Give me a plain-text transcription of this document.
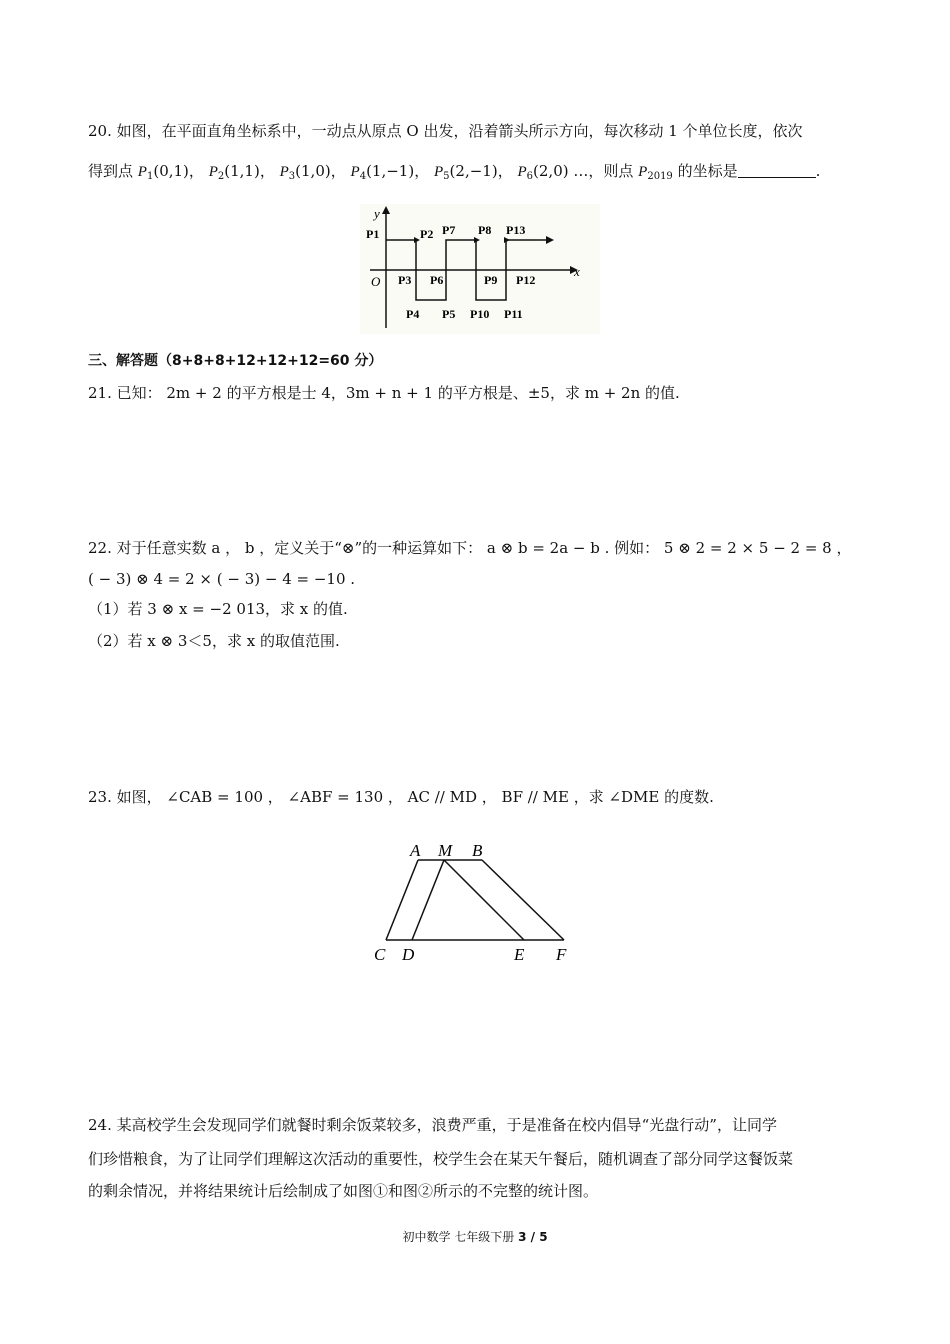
20. 如图，在平面直角坐标系中，一动点从原点 O 出发，沿着箭头所示方向，每次移动 1 个单位长度，依次
得到点 $P_1(0,1)$， $P_2(1,1)$， $P_3(1,0)$， $P_4(1,-1)$， $P_5(2,-1)$， $P_6(2,0)$ …，则点 $P_{2019}$ 的坐标是	.
y
x
O
P1	P2
P3
P4 P5
P6
P7 P8
P9
P10 P11
P12
P13
三、解答题（8+8+8+12+12+12=60 分）
21. 已知： 2m + 2 的平方根是士 4，3m + n + 1 的平方根是、±5，求 m + 2n 的值.
22. 对于任意实数 a ， b ，定义关于“⊗”的一种运算如下： a ⊗ b = 2a − b . 例如： 5 ⊗ 2 = 2 × 5 − 2 = 8 ，
( − 3) ⊗ 4 = 2 × ( − 3) − 4 = −10 .
（1）若 3 ⊗ x = −2 013，求 x 的值.
（2）若 x ⊗ 3＜5，求 x 的取值范围.
23. 如图， ∠CAB = 100 ， ∠ABF = 130 ， AC // MD ， BF // ME ，求 ∠DME 的度数.
A M B
C D	E F
24. 某高校学生会发现同学们就餐时剩余饭菜较多，浪费严重，于是准备在校内倡导“光盘行动”，让同学
们珍惜粮食，为了让同学们理解这次活动的重要性，校学生会在某天午餐后，随机调查了部分同学这餐饭菜
的剩余情况，并将结果统计后绘制成了如图①和图②所示的不完整的统计图。
初中数学 七年级下册 3 / 5
